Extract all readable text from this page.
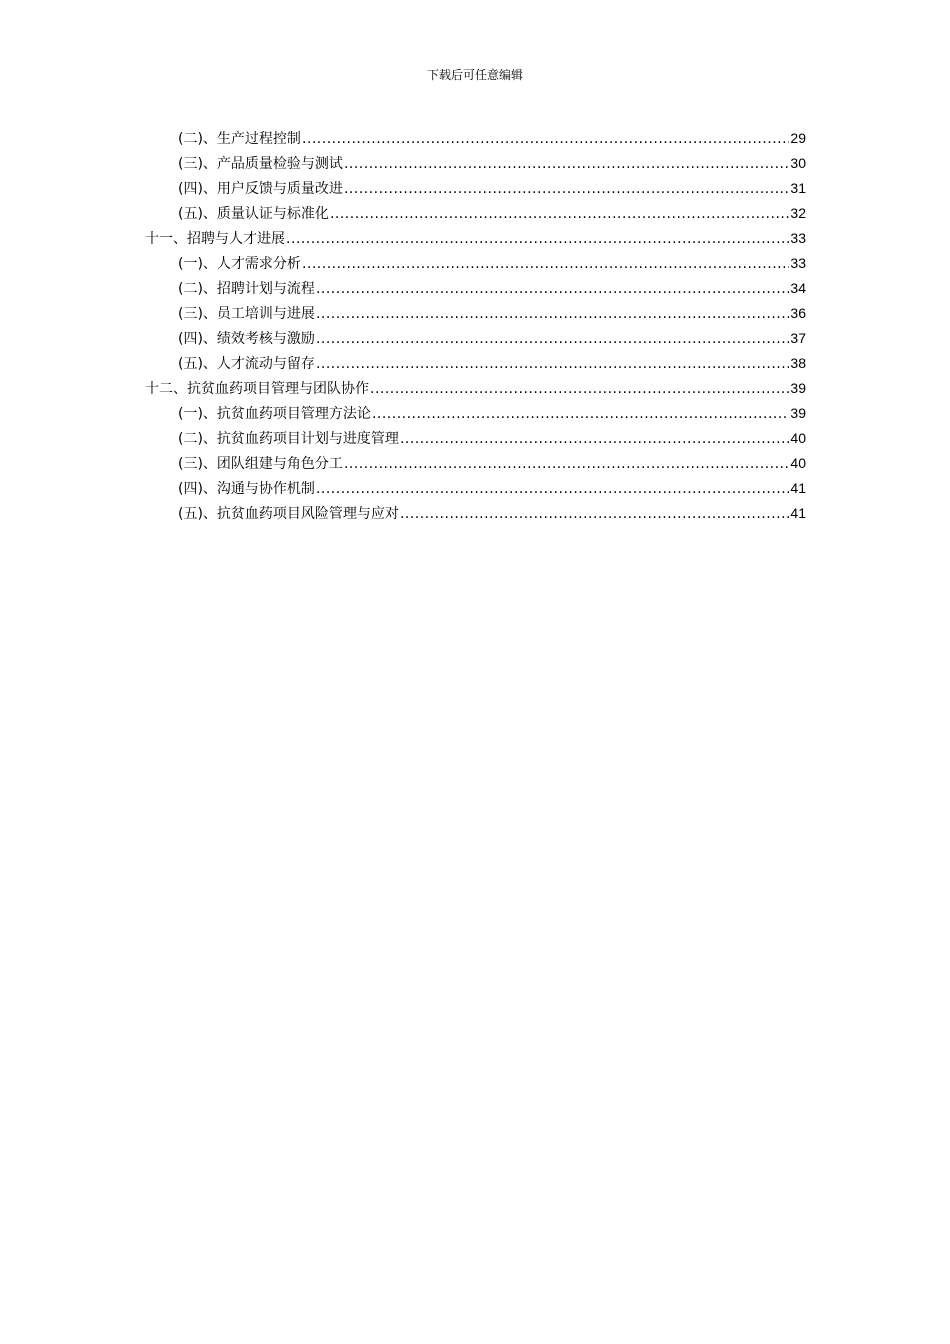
下载后可任意编辑
(二)、生产过程控制 .....	29
(三)、产品质量检验与测试 .....	30
(四)、用户反馈与质量改进 .....	31
(五)、质量认证与标准化 .....	32
十一、招聘与人才进展 .....	33
(一)、人才需求分析 .....	33
(二)、招聘计划与流程 .....	34
(三)、员工培训与进展 .....	36
(四)、绩效考核与激励 .....	37
(五)、人才流动与留存 .....	38
十二、抗贫血药项目管理与团队协作 .....	39
(一)、抗贫血药项目管理方法论 .....	39
(二)、抗贫血药项目计划与进度管理 .....	40
(三)、团队组建与角色分工 .....	40
(四)、沟通与协作机制 .....	41
(五)、抗贫血药项目风险管理与应对 .....	41
